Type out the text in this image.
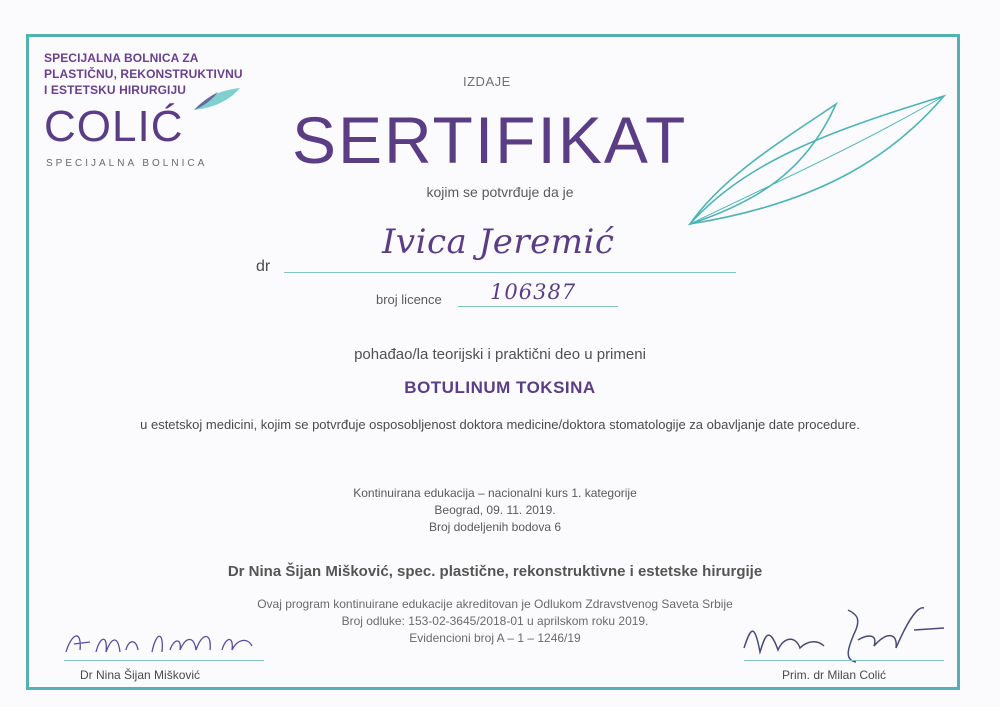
SPECIJALNA BOLNICA ZA
PLASTIČNU, REKONSTRUKTIVNU
I ESTETSKU HIRURGIJU
COLIĆ
SPECIJALNA BOLNICA
IZDAJE
SERTIFIKAT
kojim se potvrđuje da je
dr
Ivica Jeremić
broj licence 106387
pohađao/la teorijski i praktični deo u primeni
BOTULINUM TOKSINA
u estetskoj medicini, kojim se potvrđuje osposobljenost doktora medicine/doktora stomatologije za obavljanje date procedure.
Kontinuirana edukacija – nacionalni kurs 1. kategorije
Beograd, 09. 11. 2019.
Broj dodeljenih bodova 6
Dr Nina Šijan Mišković, spec. plastične, rekonstruktivne i estetske hirurgije
Ovaj program kontinuirane edukacije akreditovan je Odlukom Zdravstvenog Saveta Srbije
Broj odluke: 153-02-3645/2018-01 u aprilskom roku 2019.
Evidencioni broj A – 1 – 1246/19
Dr Nina Šijan Mišković	Prim. dr Milan Colić
